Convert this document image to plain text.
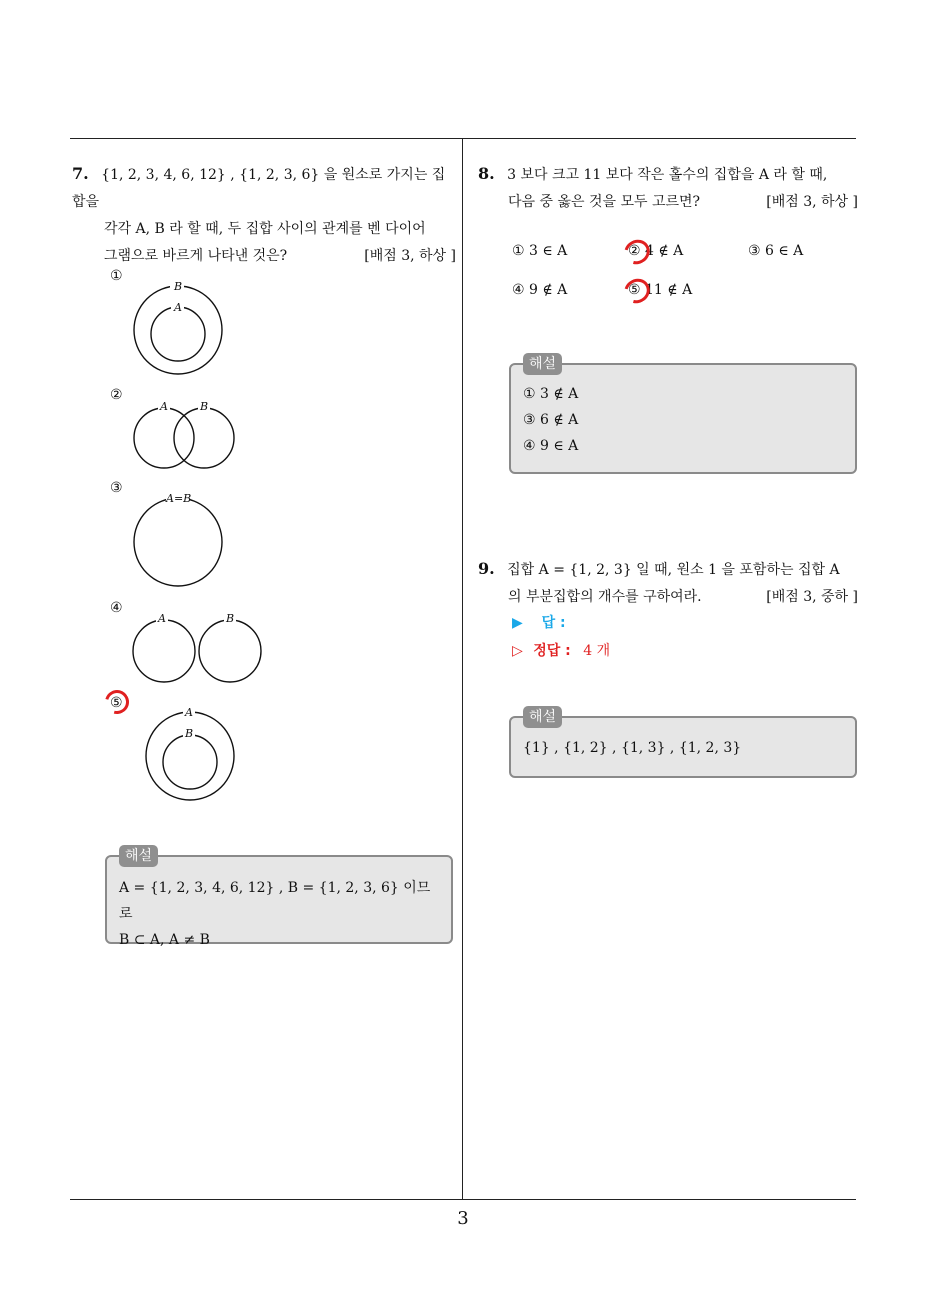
3
7. {1, 2, 3, 4, 6, 12} , {1, 2, 3, 6} 을 원소로 가지는 집합을
각각 A, B 라 할 때, 두 집합 사이의 관계를 벤 다이어
그램으로 바르게 나타낸 것은?	[배점 3, 하상 ]
①
B
A
②
A	B
③
A=B
④
A	B
⑤
A
B
해설
A = {1, 2, 3, 4, 6, 12} , B = {1, 2, 3, 6} 이므로
B ⊂ A, A ≠ B
8. 3 보다 크고 11 보다 작은 홀수의 집합을 A 라 할 때,
다음 중 옳은 것을 모두 고르면?	[배점 3, 하상 ]
① 3 ∈ A	② 4 ∉ A	③ 6 ∈ A
④ 9 ∉ A	⑤ 11 ∉ A
해설
① 3 ∉ A
③ 6 ∉ A
④ 9 ∈ A
9. 집합 A = {1, 2, 3} 일 때, 원소 1 을 포함하는 집합 A
의 부분집합의 개수를 구하여라.	[배점 3, 중하 ]
▶ 답 :
▷ 정답 : 4 개
해설
{1} , {1, 2} , {1, 3} , {1, 2, 3}
